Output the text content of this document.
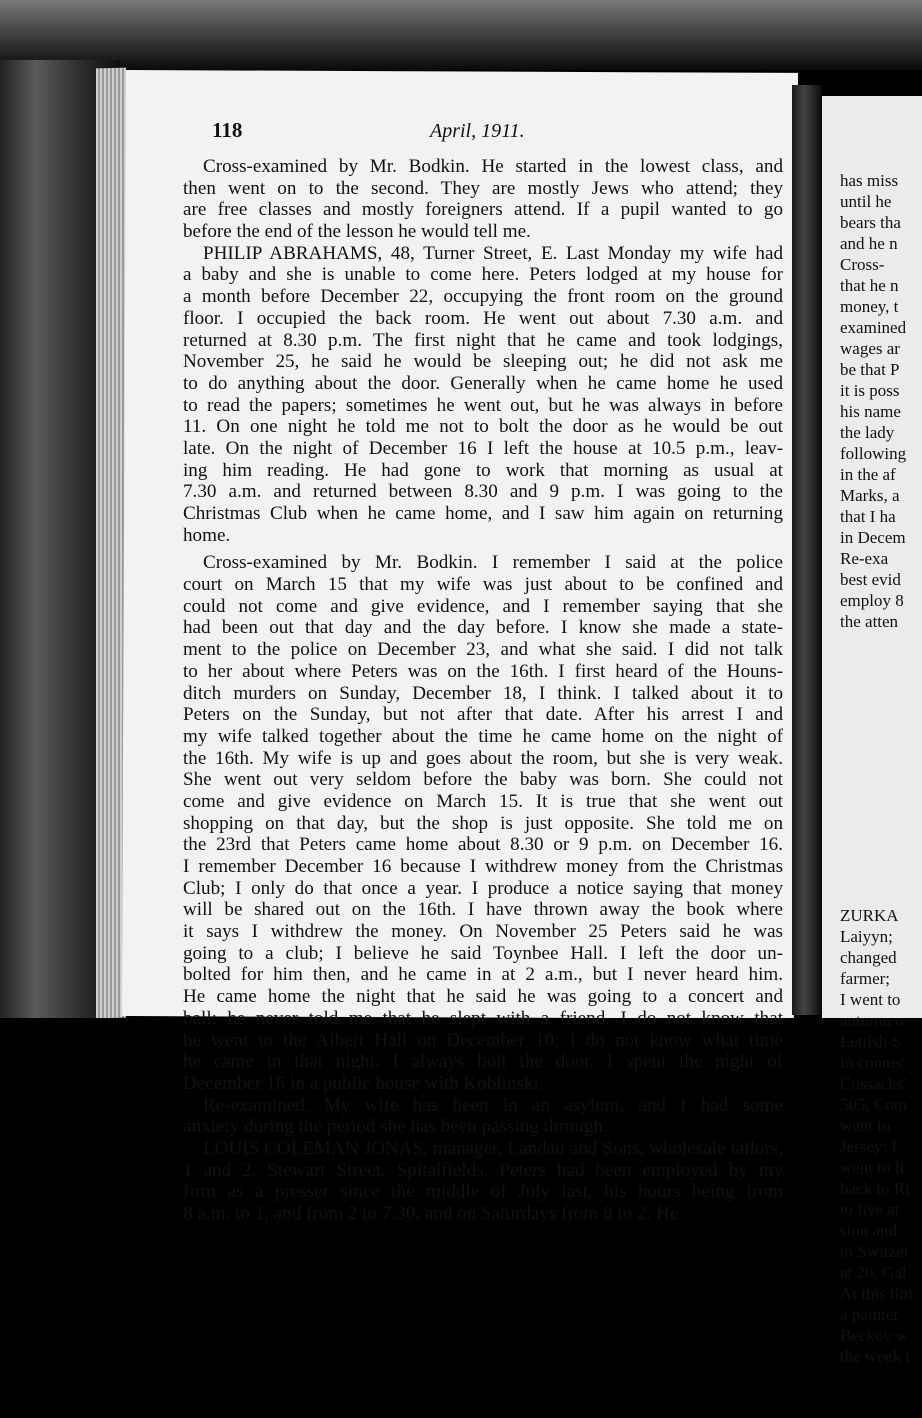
118	April, 1911.
Cross-examined by Mr. Bodkin. He started in the lowest class, and
then went on to the second. They are mostly Jews who attend; they
are free classes and mostly foreigners attend. If a pupil wanted to go
before the end of the lesson he would tell me.
PHILIP ABRAHAMS, 48, Turner Street, E. Last Monday my wife had
a baby and she is unable to come here. Peters lodged at my house for
a month before December 22, occupying the front room on the ground
floor. I occupied the back room. He went out about 7.30 a.m. and
returned at 8.30 p.m. The first night that he came and took lodgings,
November 25, he said he would be sleeping out; he did not ask me
to do anything about the door. Generally when he came home he used
to read the papers; sometimes he went out, but he was always in before
11. On one night he told me not to bolt the door as he would be out
late. On the night of December 16 I left the house at 10.5 p.m., leav-
ing him reading. He had gone to work that morning as usual at
7.30 a.m. and returned between 8.30 and 9 p.m. I was going to the
Christmas Club when he came home, and I saw him again on returning
home.
Cross-examined by Mr. Bodkin. I remember I said at the police
court on March 15 that my wife was just about to be confined and
could not come and give evidence, and I remember saying that she
had been out that day and the day before. I know she made a state-
ment to the police on December 23, and what she said. I did not talk
to her about where Peters was on the 16th. I first heard of the Houns-
ditch murders on Sunday, December 18, I think. I talked about it to
Peters on the Sunday, but not after that date. After his arrest I and
my wife talked together about the time he came home on the night of
the 16th. My wife is up and goes about the room, but she is very weak.
She went out very seldom before the baby was born. She could not
come and give evidence on March 15. It is true that she went out
shopping on that day, but the shop is just opposite. She told me on
the 23rd that Peters came home about 8.30 or 9 p.m. on December 16.
I remember December 16 because I withdrew money from the Christmas
Club; I only do that once a year. I produce a notice saying that money
will be shared out on the 16th. I have thrown away the book where
it says I withdrew the money. On November 25 Peters said he was
going to a club; I believe he said Toynbee Hall. I left the door un-
bolted for him then, and he came in at 2 a.m., but I never heard him.
He came home the night that he said he was going to a concert and
ball; he never told me that he slept with a friend. I do not know that
he went to the Albert Hall on December 10; I do not know what time
he came in that night. I always bolt the door. I spent the night of
December 16 in a public house with Koblinski.
Re-examined. My wife has been in an asylum, and I had some
anxiety during the period she has been passing through.
LOUIS COLEMAN JONAS, manager, Landau and Sons, wholesale tailors,
1 and 2, Stewart Street, Spitalfields. Peters had been employed by my
firm as a presser since the middle of July last, his hours being from
8 a.m. to 1, and from 2 to 7.30, and on Saturdays from 8 to 2. He
has miss
until he
bears tha
and he n
Cross-
that he n
money, t
examined
wages ar
be that P
it is poss
his name
the lady
following
in the af
Marks, a
that I ha
in Decem
Re-exa
best evid
employ 8
the atten
ZURKA
Laiyyn;
changed
farmer;
I went to
autumn o
Lettish S
in connec
Cossacks'
505, Com
went to
Jersey; I
went to li
back to Ri
to live at
sion and
to Switzer
at 20, Gal
At this tim
a painter
Beckov w
the week i
